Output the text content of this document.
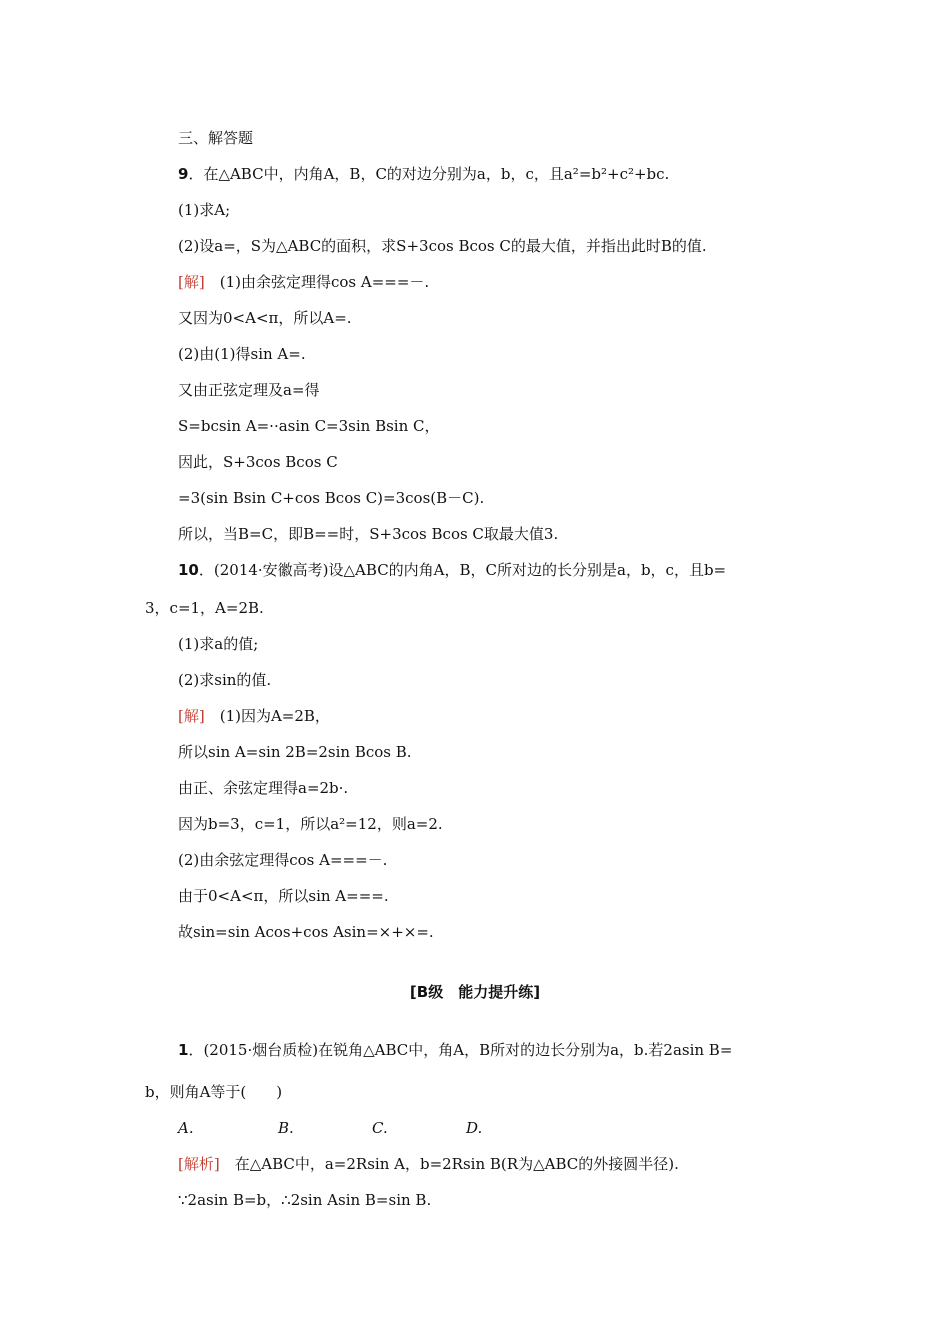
三、解答题
9．在△ABC中，内角A，B，C的对边分别为a，b，c，且a²=b²+c²+bc.
(1)求A;
(2)设a=，S为△ABC的面积，求S+3cos Bcos C的最大值，并指出此时B的值.
[解]　(1)由余弦定理得cos A===－.
又因为0<A<π，所以A=.
(2)由(1)得sin A=.
又由正弦定理及a=得
S=bcsin A=··asin C=3sin Bsin C，
因此，S+3cos Bcos C
=3(sin Bsin C+cos Bcos C)=3cos(B－C).
所以，当B=C，即B==时，S+3cos Bcos C取最大值3.
10．(2014·安徽高考)设△ABC的内角A，B，C所对边的长分别是a，b，c，且b=
3，c=1，A=2B.
(1)求a的值;
(2)求sin的值.
[解]　(1)因为A=2B，
所以sin A=sin 2B=2sin Bcos B.
由正、余弦定理得a=2b·.
因为b=3，c=1，所以a²=12，则a=2.
(2)由余弦定理得cos A===－.
由于0<A<π，所以sin A===.
故sin=sin Acos+cos Asin=×+×=.
[B级　能力提升练]
1．(2015·烟台质检)在锐角△ABC中，角A，B所对的边长分别为a，b.若2asin B=
b，则角A等于(　　)
A.	B.	C.	D.
[解析]　在△ABC中，a=2Rsin A，b=2Rsin B(R为△ABC的外接圆半径).
∵2asin B=b，∴2sin Asin B=sin B.
